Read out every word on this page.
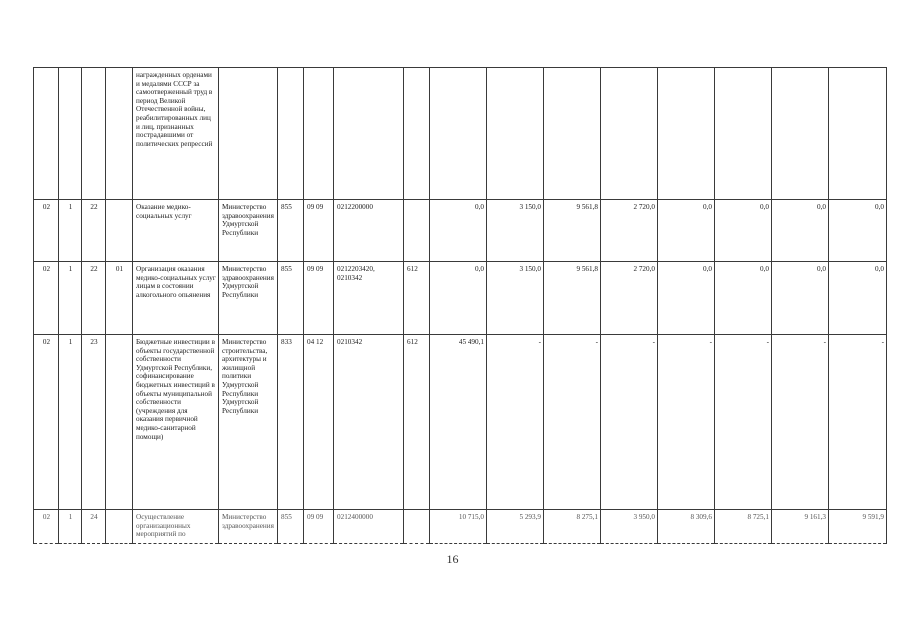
				награжденных орденами и медалями СССР за самоотверженный труд в период Великой Отечественной войны, реабилитированных лиц и лиц, признанных пострадавшими от политических репрессий													
02	1	22		Оказание медико-социальных услуг	Министерство здравоохранения Удмуртской Республики	855	09 09	0212200000		0,0	3 150,0	9 561,8	2 720,0	0,0	0,0	0,0	0,0
02	1	22	01	Организация оказания медико-социальных услуг лицам в состоянии алкогольного опьянения	Министерство здравоохранения Удмуртской Республики	855	09 09	0212203420, 0210342	612	0,0	3 150,0	9 561,8	2 720,0	0,0	0,0	0,0	0,0
02	1	23		Бюджетные инвестиции в объекты государственной собственности Удмуртской Республики, софинансирование бюджетных инвестиций в объекты муниципальной собственности (учреждения для оказания первичной медико-санитарной помощи)	Министерство строительства, архитектуры и жилищной политики Удмуртской Республики Удмуртской Республики	833	04 12	0210342	612	45 490,1	-	-	-	-	-	-	-
02	1	24		Осуществление организационных мероприятий по	Министерство здравоохранения	855	09 09	0212400000		10 715,0	5 293,9	8 275,1	3 950,0	8 309,6	8 725,1	9 161,3	9 591,9
16
